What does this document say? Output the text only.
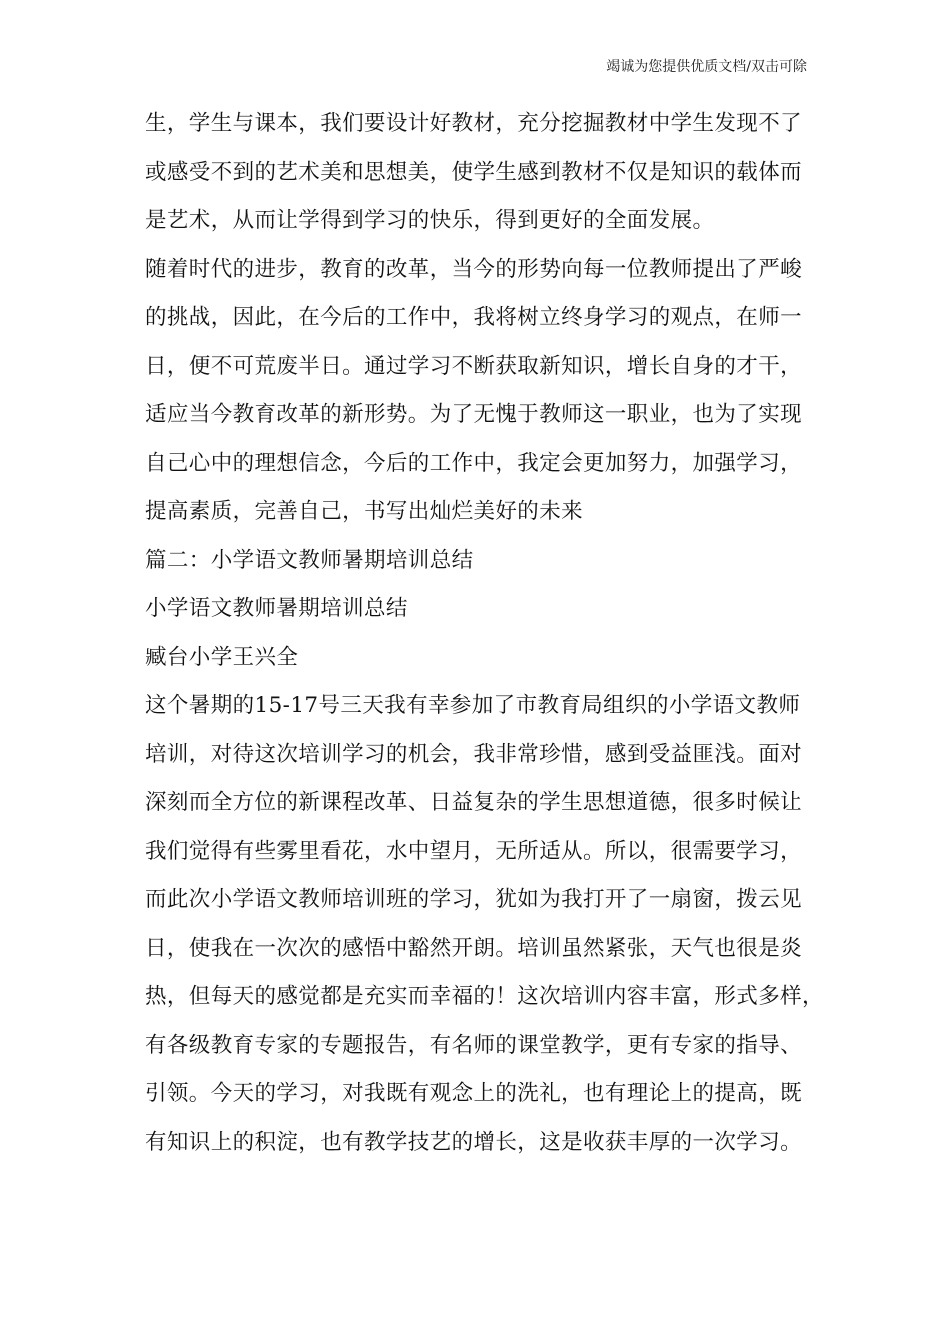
竭诚为您提供优质文档/双击可除
生，学生与课本，我们要设计好教材，充分挖掘教材中学生发现不了
或感受不到的艺术美和思想美，使学生感到教材不仅是知识的载体而
是艺术，从而让学得到学习的快乐，得到更好的全面发展。
随着时代的进步，教育的改革，当今的形势向每一位教师提出了严峻
的挑战，因此，在今后的工作中，我将树立终身学习的观点，在师一
日，便不可荒废半日。通过学习不断获取新知识，增长自身的才干，
适应当今教育改革的新形势。为了无愧于教师这一职业，也为了实现
自己心中的理想信念，今后的工作中，我定会更加努力，加强学习，
提高素质，完善自己，书写出灿烂美好的未来
篇二：小学语文教师暑期培训总结
小学语文教师暑期培训总结
臧台小学王兴全
这个暑期的15-17号三天我有幸参加了市教育局组织的小学语文教师
培训，对待这次培训学习的机会，我非常珍惜，感到受益匪浅。面对
深刻而全方位的新课程改革、日益复杂的学生思想道德，很多时候让
我们觉得有些雾里看花，水中望月，无所适从。所以，很需要学习，
而此次小学语文教师培训班的学习，犹如为我打开了一扇窗，拨云见
日，使我在一次次的感悟中豁然开朗。培训虽然紧张，天气也很是炎
热，但每天的感觉都是充实而幸福的！这次培训内容丰富，形式多样，
有各级教育专家的专题报告，有名师的课堂教学，更有专家的指导、
引领。今天的学习，对我既有观念上的洗礼，也有理论上的提高，既
有知识上的积淀，也有教学技艺的增长，这是收获丰厚的一次学习。
